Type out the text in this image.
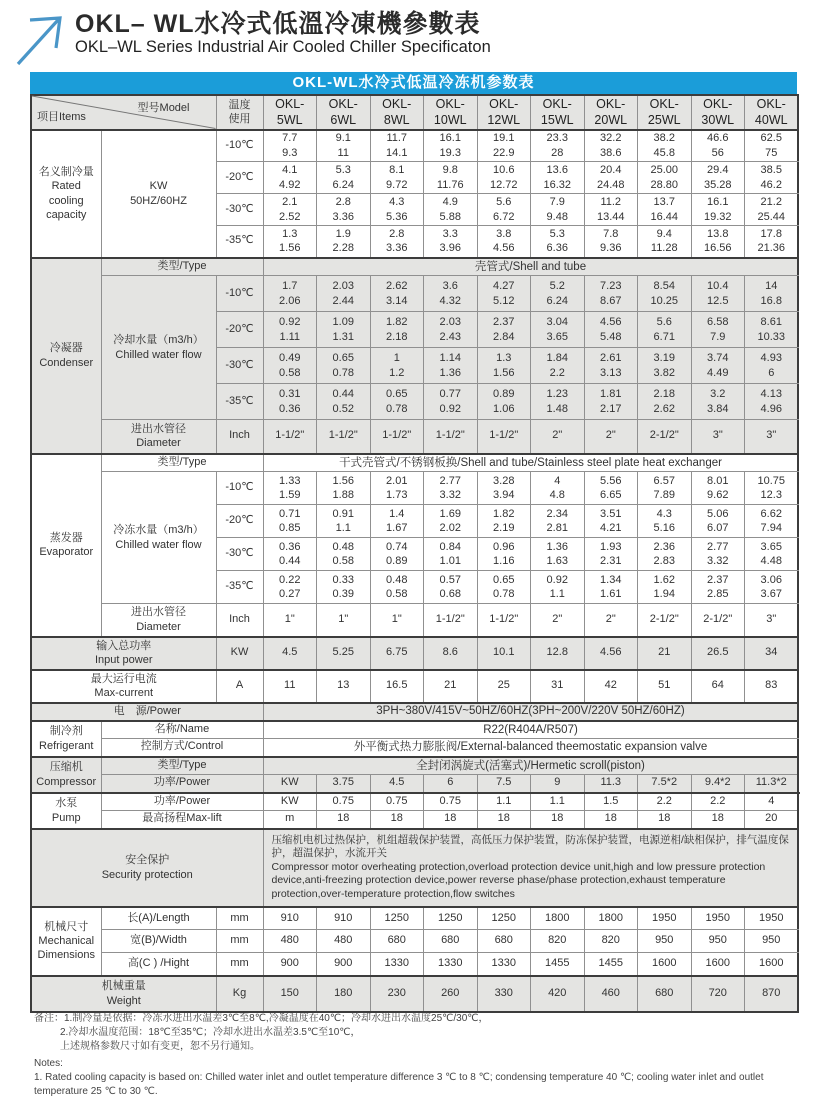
OKL– WL水冷式低溫冷凍機參數表
OKL–WL Series Industrial Air Cooled Chiller Specificaton
OKL-WL水冷式低温冷冻机参数表
项目Items
型号Model	温度
使用

OKL-
5WL

OKL-
6WL

OKL-
8WL

OKL-
10WL

OKL-
12WL

OKL-
15WL

OKL-
20WL

OKL-
25WL

OKL-
30WL

OKL-
40WL

名义制冷量
Rated cooling
capacity

KW
50HZ/60HZ
	-10℃	
7.7
9.3

9.1
11

11.7
14.1

16.1
19.3

19.1
22.9

23.3
28

32.2
38.6

38.2
45.8

46.6
56

62.5
75

-20℃	
4.1
4.92

5.3
6.24

8.1
9.72

9.8
11.76

10.6
12.72

13.6
16.32

20.4
24.48

25.00
28.80

29.4
35.28

38.5
46.2

-30℃	
2.1
2.52

2.8
3.36

4.3
5.36

4.9
5.88

5.6
6.72

7.9
9.48

11.2
13.44

13.7
16.44

16.1
19.32

21.2
25.44

-35℃	
1.3
1.56

1.9
2.28

2.8
3.36

3.3
3.96

3.8
4.56

5.3
6.36

7.8
9.36

9.4
11.28

13.8
16.56

17.8
21.36

冷凝器
Condenser	类型/Type		壳管式/Shell and tube										

冷却水量（m3/h）
Chilled water flow
	-10℃	
1.7
2.06

2.03
2.44

2.62
3.14

3.6
4.32

4.27
5.12

5.2
6.24

7.23
8.67

8.54
10.25

10.4
12.5

14
16.8

-20℃	
0.92
1.11

1.09
1.31

1.82
2.18

2.03
2.43

2.37
2.84

3.04
3.65

4.56
5.48

5.6
6.71

6.58
7.9

8.61
10.33

-30℃	
0.49
0.58

0.65
0.78

1
1.2

1.14
1.36

1.3
1.56

1.84
2.2

2.61
3.13

3.19
3.82

3.74
4.49

4.93
6

-35℃	
0.31
0.36

0.44
0.52

0.65
0.78

0.77
0.92

0.89
1.06

1.23
1.48

1.81
2.17

2.18
2.62

3.2
3.84

4.13
4.96

	进出水管径
Diameter	Inch	1-1/2"	1-1/2"	1-1/2"	1-1/2"	1-1/2"	2"	2"	2-1/2"	3"	3"	

蒸发器
Evaporator	类型/Type		干式壳管式/不锈钢板换/Shell and tube/Stainless steel plate heat exchanger										

冷冻水量（m3/h）
Chilled water flow
	-10℃	
1.33
1.59

1.56
1.88

2.01
1.73

2.77
3.32

3.28
3.94

4
4.8

5.56
6.65

6.57
7.89

8.01
9.62

10.75
12.3

-20℃	
0.71
0.85

0.91
1.1

1.4
1.67

1.69
2.02

1.82
2.19

2.34
2.81

3.51
4.21

4.3
5.16

5.06
6.07

6.62
7.94

-30℃	
0.36
0.44

0.48
0.58

0.74
0.89

0.84
1.01

0.96
1.16

1.36
1.63

1.93
2.31

2.36
2.83

2.77
3.32

3.65
4.48

-35℃	
0.22
0.27

0.33
0.39

0.48
0.58

0.57
0.68

0.65
0.78

0.92
1.1

1.34
1.61

1.62
1.94

2.37
2.85

3.06
3.67

	进出水管径
Diameter	Inch	1"	1"	1"	1-1/2"	1-1/2"	2"	2"	2-1/2"	2-1/2"	3"	

输入总功率
Input power		KW	4.5	5.25	6.75	8.6	10.1	12.8	4.56	21	26.5	34	

最大运行电流
Max-current		A	11	13	16.5	21	25	31	42	51	64	83	
电　源/Power			3PH~380V/415V~50HZ/60HZ(3PH~200V/220V 50HZ/60HZ)										

制冷剂
Refrigerant	名称/Name		R22(R404A/R507)										
	控制方式/Control		外平衡式热力膨胀阀/External-balanced theemostatic expansion valve										

压缩机
Compressor	类型/Type		全封闭涡旋式(活塞式)/Hermetic scroll(piston)										
	功率/Power		KW	3.75	4.5	6	7.5	9	11.3	7.5*2	9.4*2	11.3*2	

水泵
Pump	功率/Power		KW	0.75	0.75	0.75	1.1	1.1	1.5	2.2	2.2	4	
	最高扬程Max-lift		m	18	18	18	18	18	18	18	18	20	

安全保护
Security protection

压缩机电机过热保护，机组超载保护装置，高低压力保护装置，防冻保护装置，电源逆相/缺相保护，排气温度保护，超温保护，水流开关
Compressor motor overheating protection,overload protection device unit,high and low pressure protection device,anti-freezing protection device,power reverse phase/phase protection,exhaust temperature protection,over-temperature protection,flow switches

机械尺寸
Mechanical
Dimensions	长(A)/Length	mm	910	910	1250	1250	1250	1800	1800	1950	1950	1950	
	宽(B)/Width	mm	480	480	680	680	680	820	820	950	950	950	
	高(C ) /Hight	mm	900	900	1330	1330	1330	1455	1455	1600	1600	1600	

机械重量
Weight		Kg	150	180	230	260	330	420	460	680	720	870	
备注：1.制冷量是依据：冷冻水进出水温差3℃至8℃,冷凝温度在40℃；冷却水进出水温度25℃/30℃，
2.冷却水温度范围：18℃至35℃；冷却水进出水温差3.5℃至10℃，
上述规格参数尺寸如有变更，恕不另行通知。
Notes:
1. Rated cooling capacity is based on: Chilled water inlet and outlet temperature difference 3 ℃ to 8 ℃; condensing temperature 40 ℃; cooling water inlet and outlet temperature 25 ℃ to 30 ℃.
